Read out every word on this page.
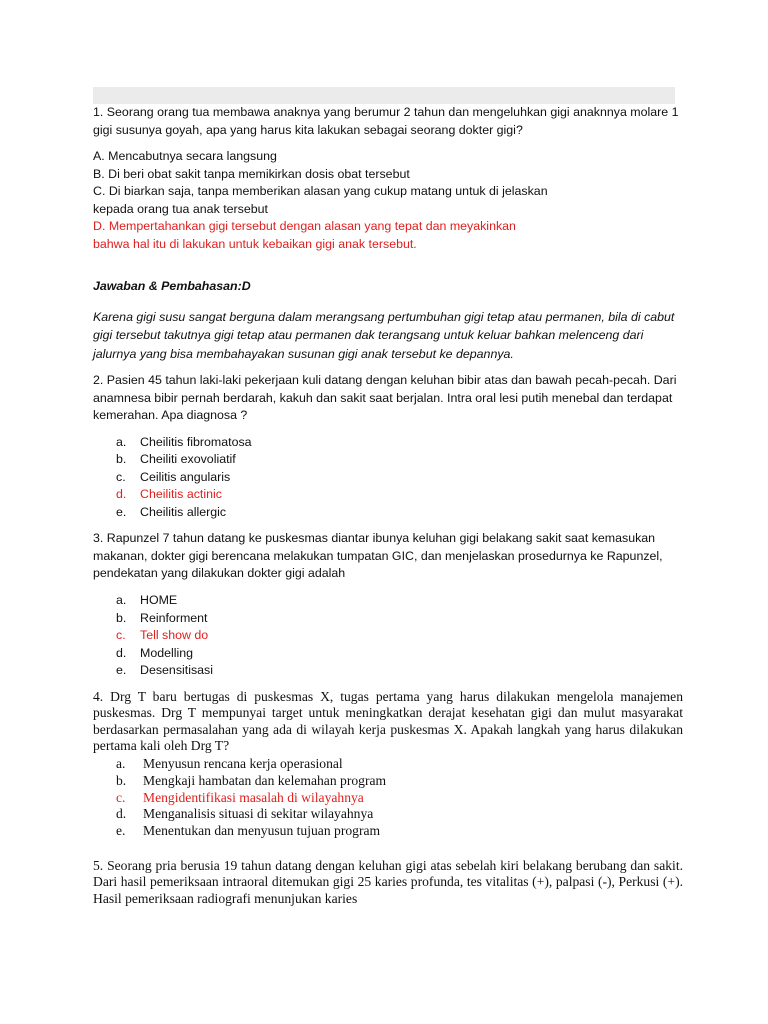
1. Seorang orang tua membawa anaknya yang berumur 2 tahun dan mengeluhkan gigi anaknnya molare 1 gigi susunya goyah, apa yang harus kita lakukan sebagai seorang dokter gigi?

A. Mencabutnya secara langsung

B. Di beri obat sakit tanpa memikirkan dosis obat tersebut

C. Di biarkan saja, tanpa memberikan alasan yang cukup matang untuk di jelaskan kepada orang tua anak tersebut

D. Mempertahankan gigi tersebut dengan alasan yang tepat dan meyakinkan bahwa hal itu di lakukan untuk kebaikan gigi anak tersebut.

Jawaban & Pembahasan:D

Karena gigi susu sangat berguna dalam merangsang pertumbuhan gigi tetap atau permanen, bila di cabut gigi tersebut takutnya gigi tetap atau permanen dak terangsang untuk keluar bahkan melenceng dari jalurnya yang bisa membahayakan susunan gigi anak tersebut ke depannya.

2. Pasien 45 tahun laki-laki pekerjaan kuli datang dengan keluhan bibir atas dan bawah pecah-pecah. Dari anamnesa bibir pernah berdarah, kakuh dan sakit saat berjalan. Intra oral lesi putih menebal dan terdapat kemerahan. Apa diagnosa ?

a. Cheilitis fibromatosa
b. Cheiliti exovoliatif
c. Ceilitis angularis
d. Cheilitis actinic
e. Cheilitis allergic

3. Rapunzel 7 tahun datang ke puskesmas diantar ibunya keluhan gigi belakang sakit saat kemasukan makanan, dokter gigi berencana melakukan tumpatan GIC, dan menjelaskan prosedurnya ke Rapunzel, pendekatan yang dilakukan dokter gigi adalah

a. HOME
b. Reinforment
c. Tell show do
d. Modelling
e. Desensitisasi

4. Drg T baru bertugas di puskesmas X, tugas pertama yang harus dilakukan mengelola manajemen puskesmas. Drg T mempunyai target untuk meningkatkan derajat kesehatan gigi dan mulut masyarakat berdasarkan permasalahan yang ada di wilayah kerja puskesmas X. Apakah langkah yang harus dilakukan pertama kali oleh Drg T?

a. Menyusun rencana kerja operasional
b. Mengkaji hambatan dan kelemahan program
c. Mengidentifikasi masalah di wilayahnya
d. Menganalisis situasi di sekitar wilayahnya
e. Menentukan dan menyusun tujuan program

5. Seorang pria berusia 19 tahun datang dengan keluhan gigi atas sebelah kiri belakang berubang dan sakit. Dari hasil pemeriksaan intraoral ditemukan gigi 25 karies profunda, tes vitalitas (+), palpasi (-), Perkusi (+). Hasil pemeriksaan radiografi menunjukan karies
